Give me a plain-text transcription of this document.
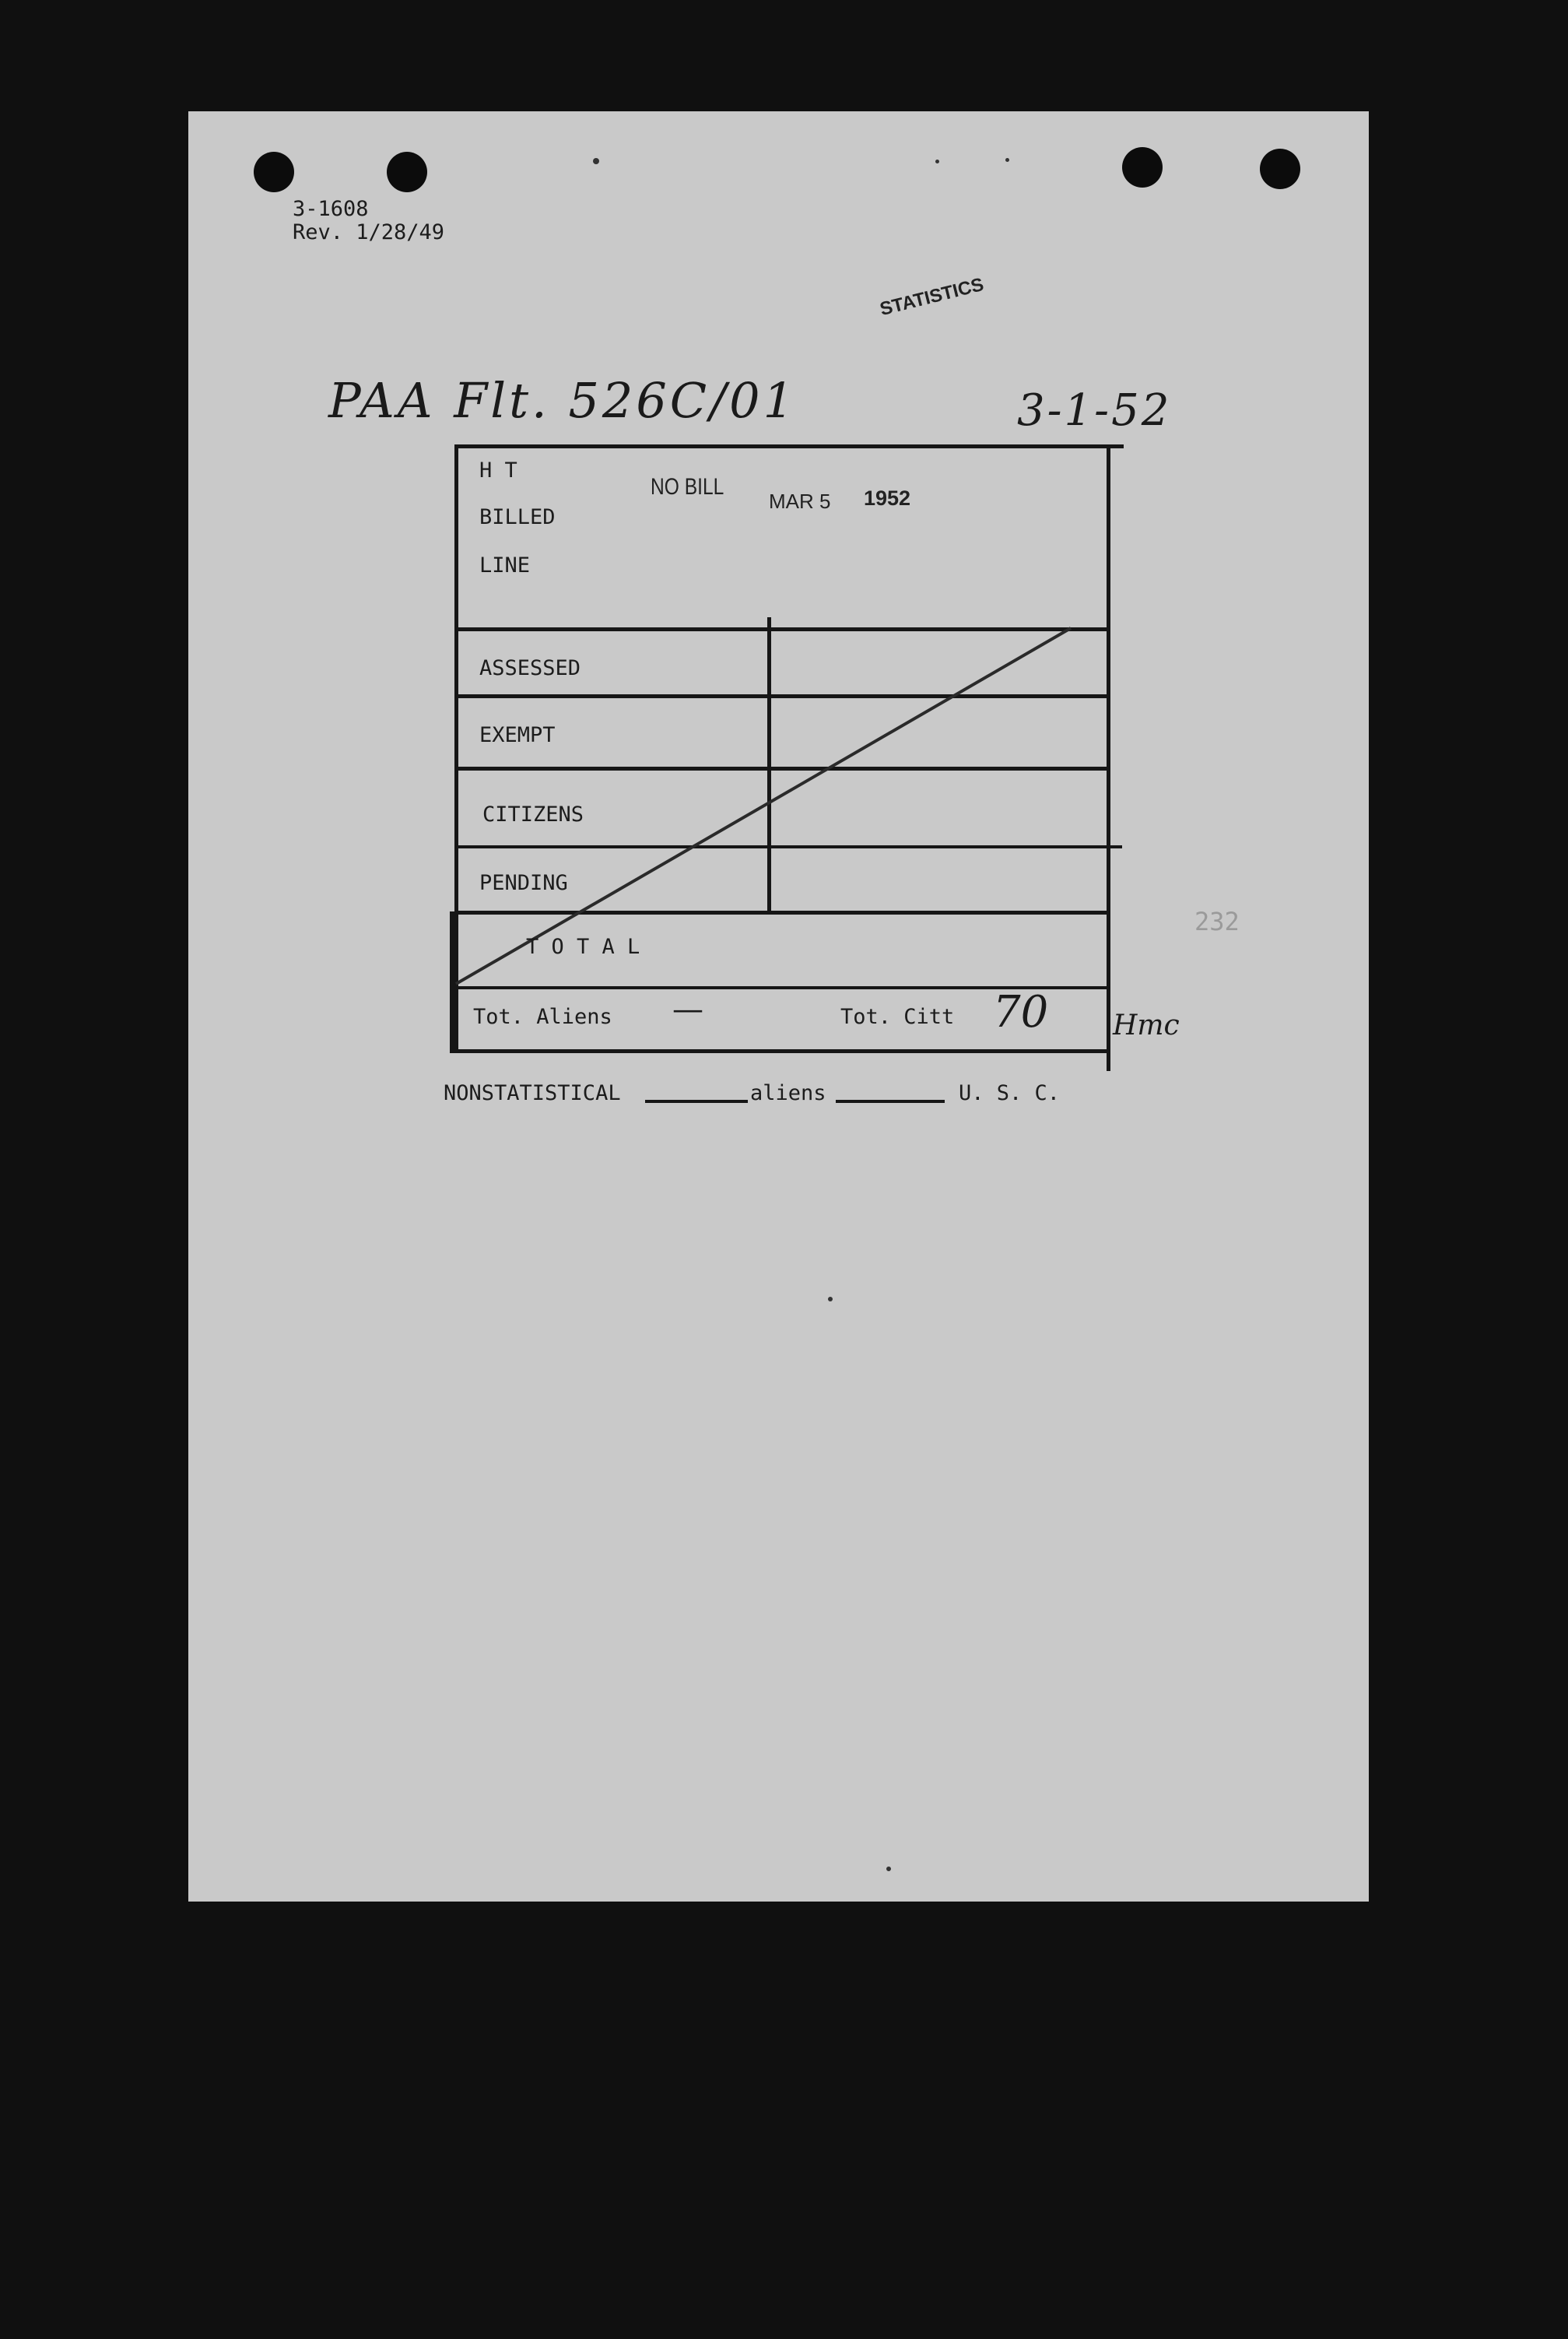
3-1608
Rev. 1/28/49
STATISTICS
PAA Flt. 526C/01	3-1-52
H T
BILLED
LINE
NO BILL
MAR 5 1952
ASSESSED
EXEMPT
CITIZENS
PENDING
T O T A L
Tot. Aliens —	Tot. Citt 70 Hmc
232
NONSTATISTICAL	aliens	U. S. C.
